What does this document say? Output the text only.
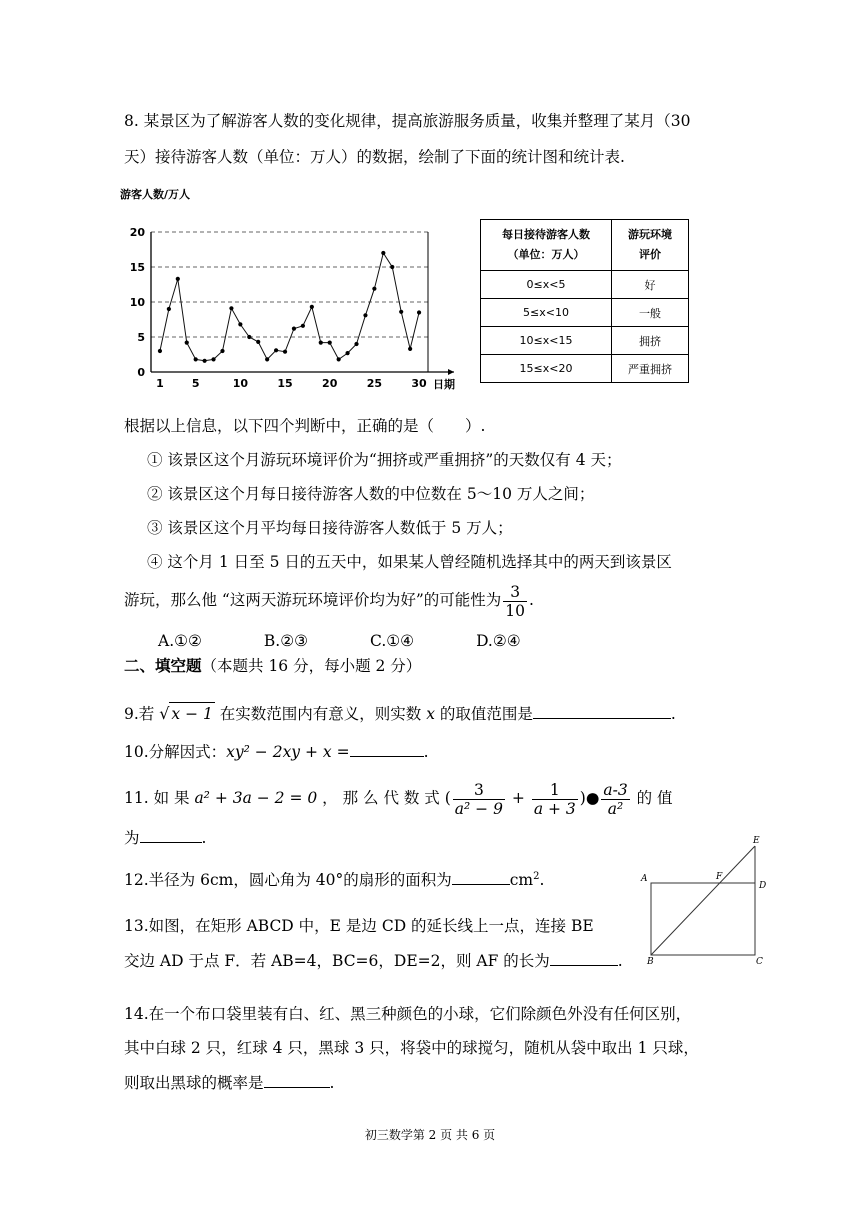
8. 某景区为了解游客人数的变化规律，提高旅游服务质量，收集并整理了某月（30
天）接待游客人数（单位：万人）的数据，绘制了下面的统计图和统计表.
游客人数/万人
0
5
10
15
20
1	5	10	15	20	25	30 日期
每日接待游客人数
（单位：万人）	游玩环境
评价
0≤x<5	好
5≤x<10	一般
10≤x<15	拥挤
15≤x<20	严重拥挤
根据以上信息，以下四个判断中，正确的是（　　）.
① 该景区这个月游玩环境评价为“拥挤或严重拥挤”的天数仅有 4 天；
② 该景区这个月每日接待游客人数的中位数在 5～10 万人之间；
③ 该景区这个月平均每日接待游客人数低于 5 万人；
④ 这个月 1 日至 5 日的五天中，如果某人曾经随机选择其中的两天到该景区
游玩，那么他 “这两天游玩环境评价均为好”的可能性为 $\frac{3}{10}$ .
A.①②	B.②③	C.①④	D.②④
二、填空题（本题共 16 分，每小题 2 分）
9.若 √ x − 1 在实数范围内有意义，则实数 x 的取值范围是	.
10.分解因式：xy² − 2xy + x =	.
11. 如 果 a² + 3a − 2 = 0 ， 那 么 代 数 式 ( $\frac{3}{\text{a² − 9}} + \frac{1}{a + 3}$ )● $\frac{a-3}{\text{a²}}$ 的 值
为	.
12.半径为 6cm，圆心角为 40°的扇形的面积为	$cm^2$.
13.如图，在矩形 ABCD 中，E 是边 CD 的延长线上一点，连接 BE
交边 AD 于点 F．若 AB=4，BC=6，DE=2，则 AF 的长为	.
A
B	C
D
E
F
14.在一个布口袋里装有白、红、黑三种颜色的小球，它们除颜色外没有任何区别，
其中白球 2 只，红球 4 只，黑球 3 只，将袋中的球搅匀，随机从袋中取出 1 只球，
则取出黑球的概率是	.
初三数学第 2 页 共 6 页
